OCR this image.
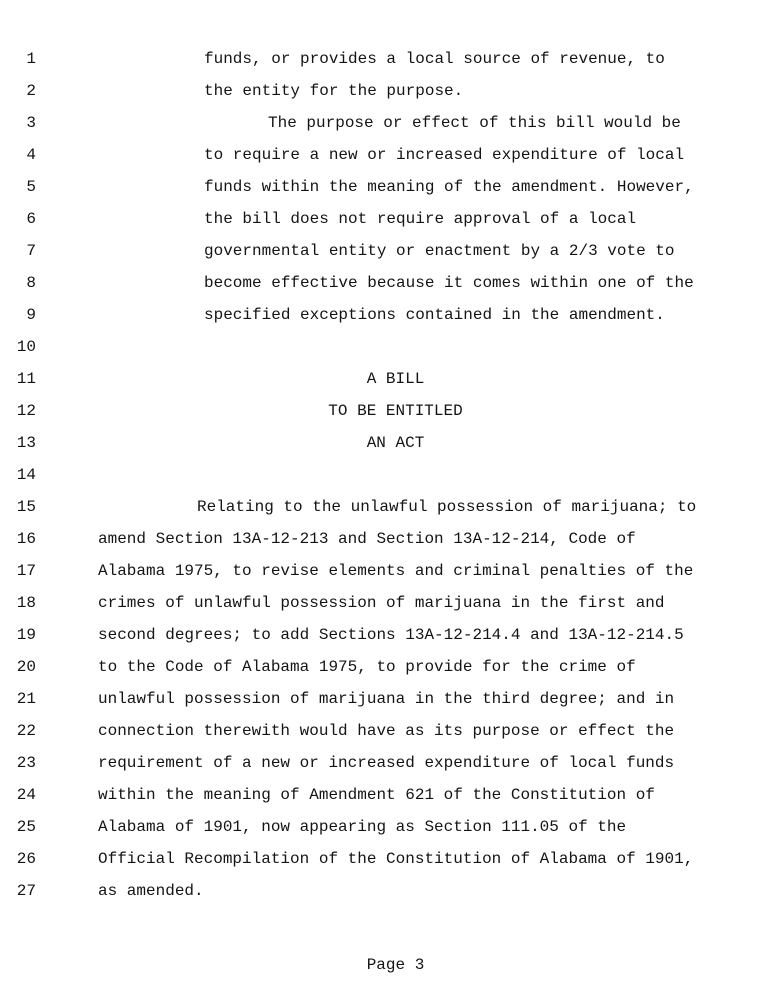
1

	funds, or provides a local source of revenue, to

2

	the entity for the purpose.

3

	The purpose or effect of this bill would be

4

	to require a new or increased expenditure of local

5

	funds within the meaning of the amendment. However,

6

	the bill does not require approval of a local

7

	governmental entity or enactment by a 2/3 vote to

8

	become effective because it comes within one of the

9

	specified exceptions contained in the amendment.

10

11

	A BILL

12

	TO BE ENTITLED

13

	AN ACT

14

15

	Relating to the unlawful possession of marijuana; to

16

	amend Section 13A-12-213 and Section 13A-12-214, Code of

17

	Alabama 1975, to revise elements and criminal penalties of the

18

	crimes of unlawful possession of marijuana in the first and

19

	second degrees; to add Sections 13A-12-214.4 and 13A-12-214.5

20

	to the Code of Alabama 1975, to provide for the crime of

21

	unlawful possession of marijuana in the third degree; and in

22

	connection therewith would have as its purpose or effect the

23

	requirement of a new or increased expenditure of local funds

24

	within the meaning of Amendment 621 of the Constitution of

25

	Alabama of 1901, now appearing as Section 111.05 of the

26

	Official Recompilation of the Constitution of Alabama of 1901,

27

	as amended.

Page 3
